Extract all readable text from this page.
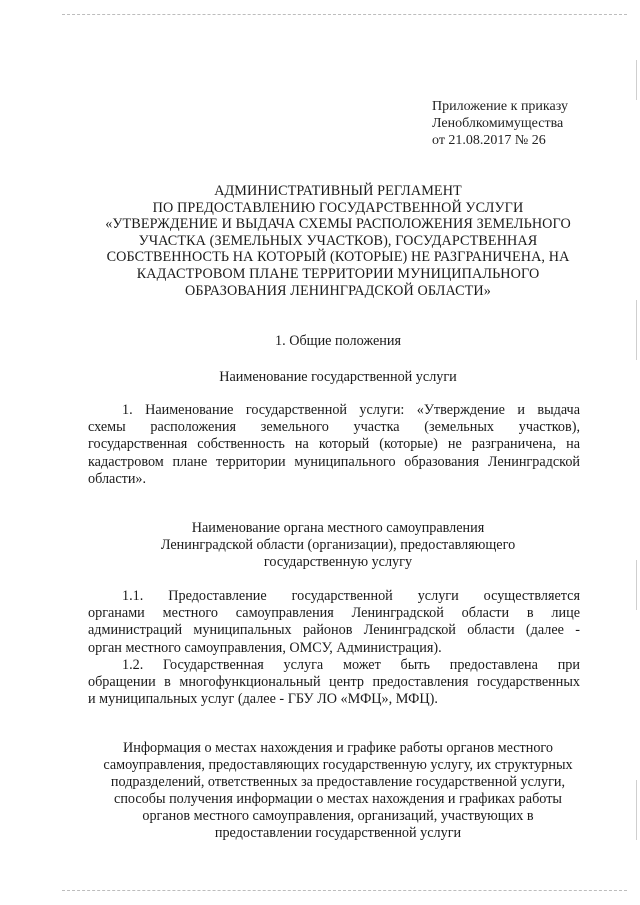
Приложение к приказу
Леноблкомимущества
от 21.08.2017 № 26
АДМИНИСТРАТИВНЫЙ РЕГЛАМЕНТ
ПО ПРЕДОСТАВЛЕНИЮ ГОСУДАРСТВЕННОЙ УСЛУГИ
«УТВЕРЖДЕНИЕ И ВЫДАЧА СХЕМЫ РАСПОЛОЖЕНИЯ ЗЕМЕЛЬНОГО
УЧАСТКА (ЗЕМЕЛЬНЫХ УЧАСТКОВ), ГОСУДАРСТВЕННАЯ
СОБСТВЕННОСТЬ НА КОТОРЫЙ (КОТОРЫЕ) НЕ РАЗГРАНИЧЕНА, НА
КАДАСТРОВОМ ПЛАНЕ ТЕРРИТОРИИ МУНИЦИПАЛЬНОГО
ОБРАЗОВАНИЯ ЛЕНИНГРАДСКОЙ ОБЛАСТИ»
1. Общие положения
Наименование государственной услуги
1. Наименование государственной услуги: «Утверждение и выдача
схемы расположения земельного участка (земельных участков),
государственная собственность на который (которые) не разграничена, на
кадастровом плане территории муниципального образования Ленинградской
области».
Наименование органа местного самоуправления
Ленинградской области (организации), предоставляющего
государственную услугу
1.1. Предоставление государственной услуги осуществляется
органами местного самоуправления Ленинградской области в лице
администраций муниципальных районов Ленинградской области (далее -
орган местного самоуправления, ОМСУ, Администрация).
1.2. Государственная услуга может быть предоставлена при
обращении в многофункциональный центр предоставления государственных
и муниципальных услуг (далее - ГБУ ЛО «МФЦ», МФЦ).
Информация о местах нахождения и графике работы органов местного
самоуправления, предоставляющих государственную услугу, их структурных
подразделений, ответственных за предоставление государственной услуги,
способы получения информации о местах нахождения и графиках работы
органов местного самоуправления, организаций, участвующих в
предоставлении государственной услуги
